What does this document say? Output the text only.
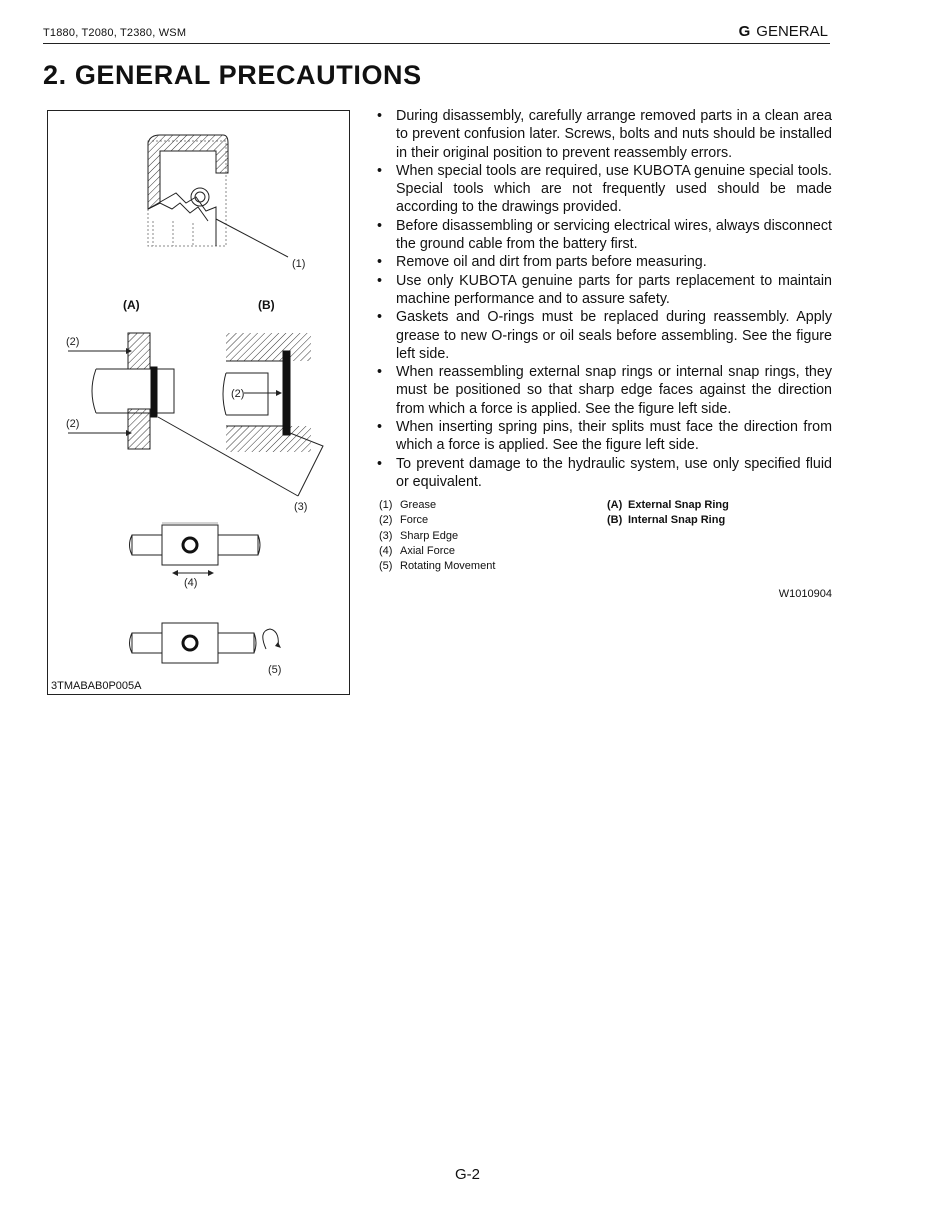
T1880, T2080, T2380, WSM	G GENERAL
2. GENERAL PRECAUTIONS
(1)
(A)	(B)
(2)
(2)
(2)
(3)
(4)
(5)
3TMABAB0P005A
• During disassembly, carefully arrange removed parts in a clean area to prevent confusion later. Screws, bolts and nuts should be installed in their original position to prevent reassembly errors.
• When special tools are required, use KUBOTA genuine special tools. Special tools which are not frequently used should be made according to the drawings provided.
• Before disassembling or servicing electrical wires, always disconnect the ground cable from the battery first.
• Remove oil and dirt from parts before measuring.
• Use only KUBOTA genuine parts for parts replacement to maintain machine performance and to assure safety.
• Gaskets and O-rings must be replaced during reassembly. Apply grease to new O-rings or oil seals before assembling. See the figure left side.
• When reassembling external snap rings or internal snap rings, they must be positioned so that sharp edge faces against the direction from which a force is applied. See the figure left side.
• When inserting spring pins, their splits must face the direction from which a force is applied. See the figure left side.
• To prevent damage to the hydraulic system, use only specified fluid or equivalent.
(1) Grease
(2) Force
(3) Sharp Edge
(4) Axial Force
(5) Rotating Movement
(A) External Snap Ring
(B) Internal Snap Ring
W1010904
G-2
